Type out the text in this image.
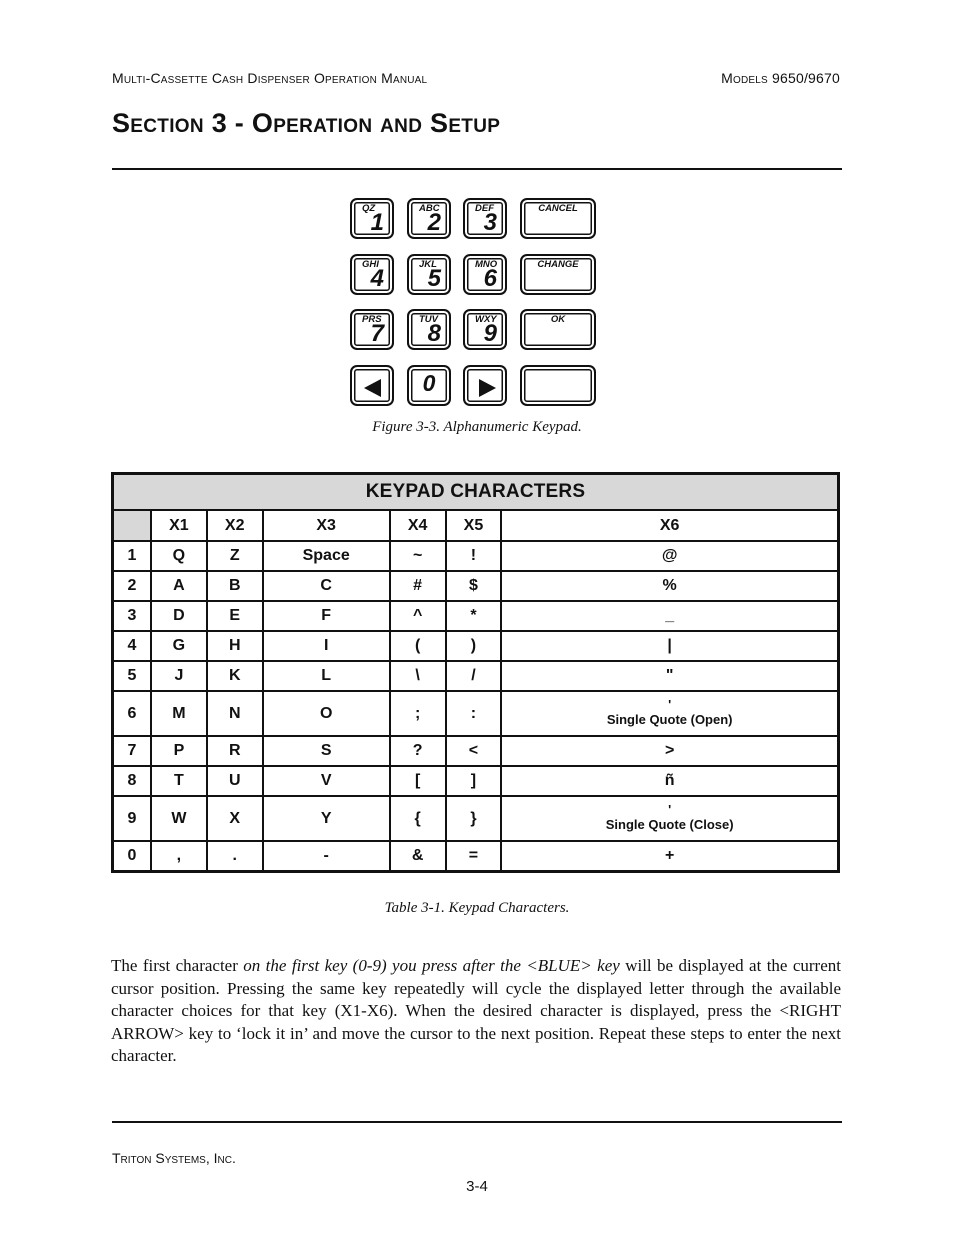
Multi-Cassette Cash Dispenser Operation Manual	Models 9650/9670
Section 3 - Operation and Setup
QZ
1
ABC
2
DEF
3
CANCEL
GHI
4
JKL
5
MNO
6
CHANGE
PRS
7
TUV
8
WXY
9
OK
0
Figure 3-3. Alphanumeric Keypad.
KEYPAD CHARACTERS						
	X1	X2	X3	X4	X5	X6
1	Q	Z	Space	~	!	@
2	A	B	C	#	$	%
3	D	E	F	^	*	_
4	G	H	I	(	)	|
5	J	K	L	\	/	"
6	M	N	O	;	:	'
Single Quote (Open)

7	P	R	S	?	<	>
8	T	U	V	[	]	ñ
9	W	X	Y	{	}	'
Single Quote (Close)

0	,	.	-	&	=	+
Table 3-1. Keypad Characters.

The first character on the first key (0-9) you press after the <BLUE> key will be displayed at the current cursor position. Pressing the same key repeatedly will cycle the displayed letter through the available character choices for that key (X1-X6). When the desired character is displayed, press the <RIGHT ARROW> key to ‘lock it in’ and move the cursor to the next position. Repeat these steps to enter the next character.

Triton Systems, Inc.
3-4
